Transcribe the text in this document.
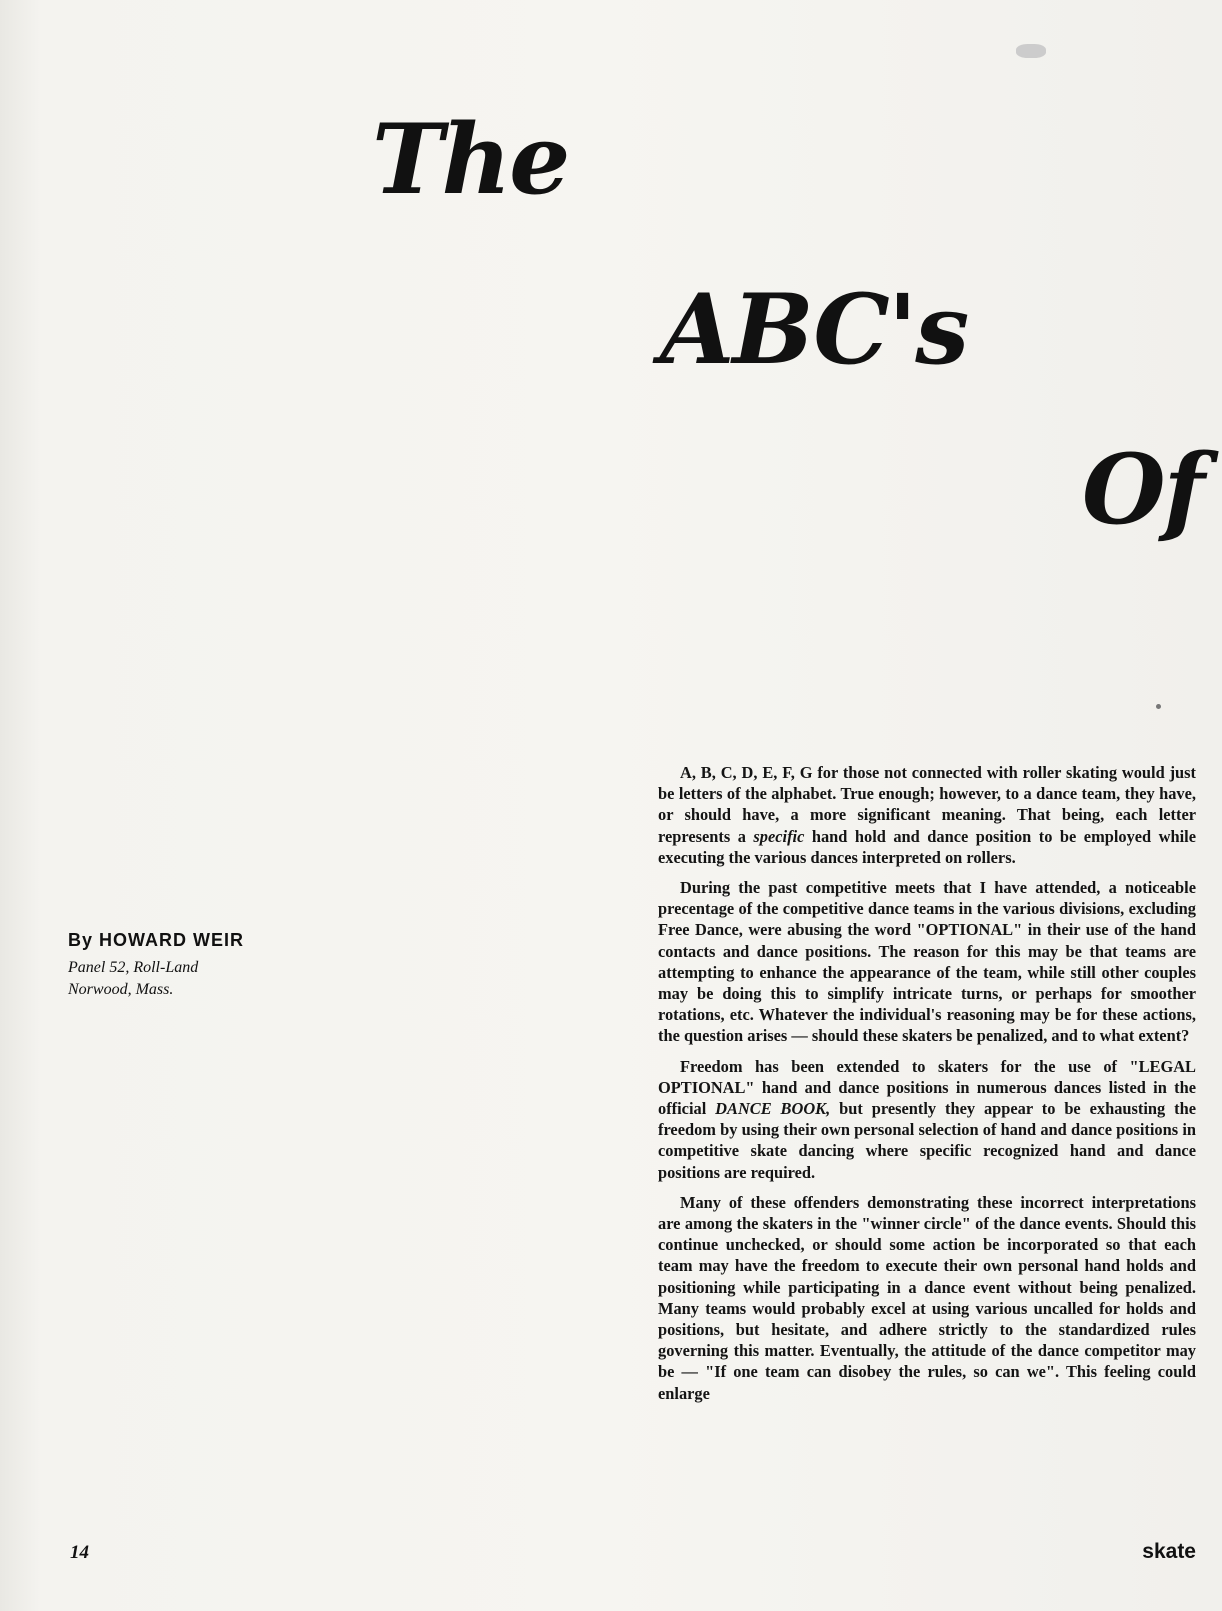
The
ABC's
Of

By HOWARD WEIR

Panel 52, Roll-Land

Norwood, Mass.

A, B, C, D, E, F, G for those not connected with roller skating would just be letters of the alphabet. True enough; however, to a dance team, they have, or should have, a more significant meaning. That being, each letter represents a specific hand hold and dance position to be employed while executing the various dances interpreted on rollers.

During the past competitive meets that I have attended, a noticeable precentage of the competitive dance teams in the various divisions, excluding Free Dance, were abusing the word "OPTIONAL" in their use of the hand contacts and dance positions. The reason for this may be that teams are attempting to enhance the appearance of the team, while still other couples may be doing this to simplify intricate turns, or perhaps for smoother rotations, etc. Whatever the individual's reasoning may be for these actions, the question arises — should these skaters be penalized, and to what extent?

Freedom has been extended to skaters for the use of "LEGAL OPTIONAL" hand and dance positions in numerous dances listed in the official DANCE BOOK, but presently they appear to be exhausting the freedom by using their own personal selection of hand and dance positions in competitive skate dancing where specific recognized hand and dance positions are required.

Many of these offenders demonstrating these incorrect interpretations are among the skaters in the "winner circle" of the dance events. Should this continue unchecked, or should some action be incorporated so that each team may have the freedom to execute their own personal hand holds and positioning while participating in a dance event without being penalized. Many teams would probably excel at using various uncalled for holds and positions, but hesitate, and adhere strictly to the standardized rules governing this matter. Eventually, the attitude of the dance competitor may be — "If one team can disobey the rules, so can we". This feeling could enlarge

14	skate
